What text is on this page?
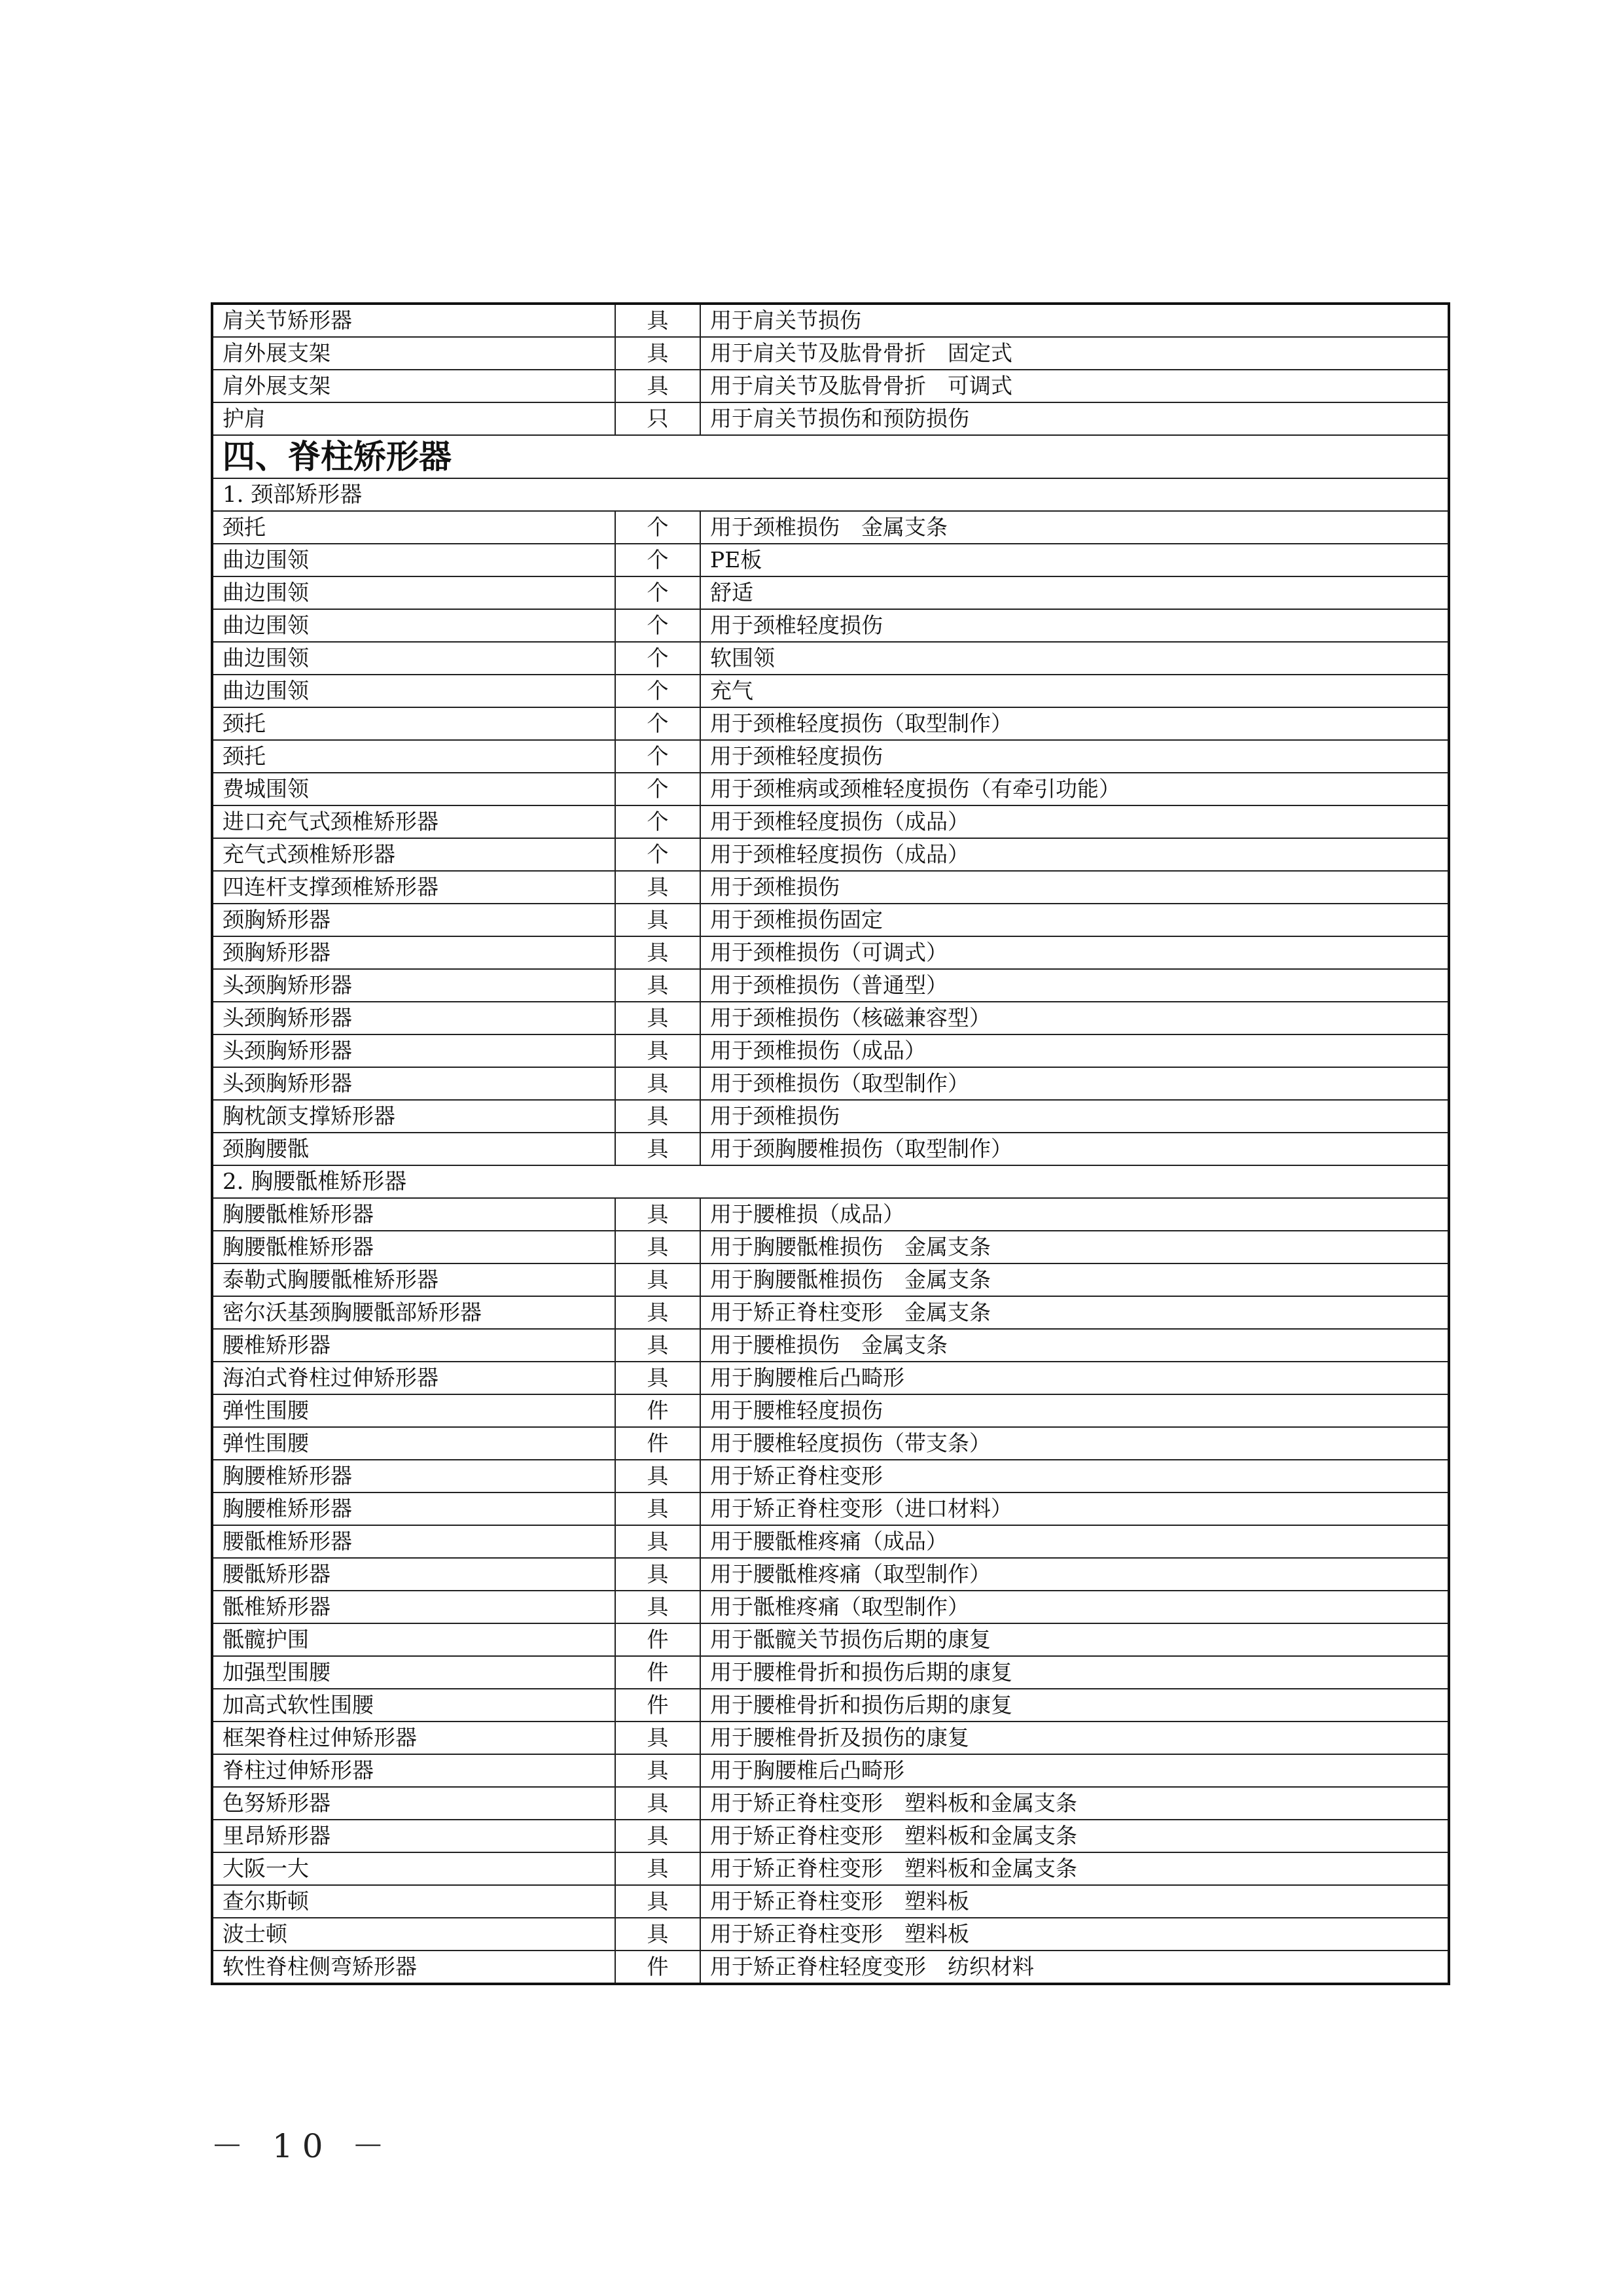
肩关节矫形器	具	用于肩关节损伤
肩外展支架	具	用于肩关节及肱骨骨折　固定式
肩外展支架	具	用于肩关节及肱骨骨折　可调式
护肩	只	用于肩关节损伤和预防损伤
四、脊柱矫形器		
1. 颈部矫形器		
颈托	个	用于颈椎损伤　金属支条
曲边围领	个	PE板
曲边围领	个	舒适
曲边围领	个	用于颈椎轻度损伤
曲边围领	个	软围领
曲边围领	个	充气
颈托	个	用于颈椎轻度损伤（取型制作）
颈托	个	用于颈椎轻度损伤
费城围领	个	用于颈椎病或颈椎轻度损伤（有牵引功能）
进口充气式颈椎矫形器	个	用于颈椎轻度损伤（成品）
充气式颈椎矫形器	个	用于颈椎轻度损伤（成品）
四连杆支撑颈椎矫形器	具	用于颈椎损伤
颈胸矫形器	具	用于颈椎损伤固定
颈胸矫形器	具	用于颈椎损伤（可调式）
头颈胸矫形器	具	用于颈椎损伤（普通型）
头颈胸矫形器	具	用于颈椎损伤（核磁兼容型）
头颈胸矫形器	具	用于颈椎损伤（成品）
头颈胸矫形器	具	用于颈椎损伤（取型制作）
胸枕颌支撑矫形器	具	用于颈椎损伤
颈胸腰骶	具	用于颈胸腰椎损伤（取型制作）
2. 胸腰骶椎矫形器		
胸腰骶椎矫形器	具	用于腰椎损（成品）
胸腰骶椎矫形器	具	用于胸腰骶椎损伤　金属支条
泰勒式胸腰骶椎矫形器	具	用于胸腰骶椎损伤　金属支条
密尔沃基颈胸腰骶部矫形器	具	用于矫正脊柱变形　金属支条
腰椎矫形器	具	用于腰椎损伤　金属支条
海泊式脊柱过伸矫形器	具	用于胸腰椎后凸畸形
弹性围腰	件	用于腰椎轻度损伤
弹性围腰	件	用于腰椎轻度损伤（带支条）
胸腰椎矫形器	具	用于矫正脊柱变形
胸腰椎矫形器	具	用于矫正脊柱变形（进口材料）
腰骶椎矫形器	具	用于腰骶椎疼痛（成品）
腰骶矫形器	具	用于腰骶椎疼痛（取型制作）
骶椎矫形器	具	用于骶椎疼痛（取型制作）
骶髋护围	件	用于骶髋关节损伤后期的康复
加强型围腰	件	用于腰椎骨折和损伤后期的康复
加高式软性围腰	件	用于腰椎骨折和损伤后期的康复
框架脊柱过伸矫形器	具	用于腰椎骨折及损伤的康复
脊柱过伸矫形器	具	用于胸腰椎后凸畸形
色努矫形器	具	用于矫正脊柱变形　塑料板和金属支条
里昂矫形器	具	用于矫正脊柱变形　塑料板和金属支条
大阪一大	具	用于矫正脊柱变形　塑料板和金属支条
查尔斯顿	具	用于矫正脊柱变形　塑料板
波士顿	具	用于矫正脊柱变形　塑料板
软性脊柱侧弯矫形器	件	用于矫正脊柱轻度变形　纺织材料
－ 10 －
